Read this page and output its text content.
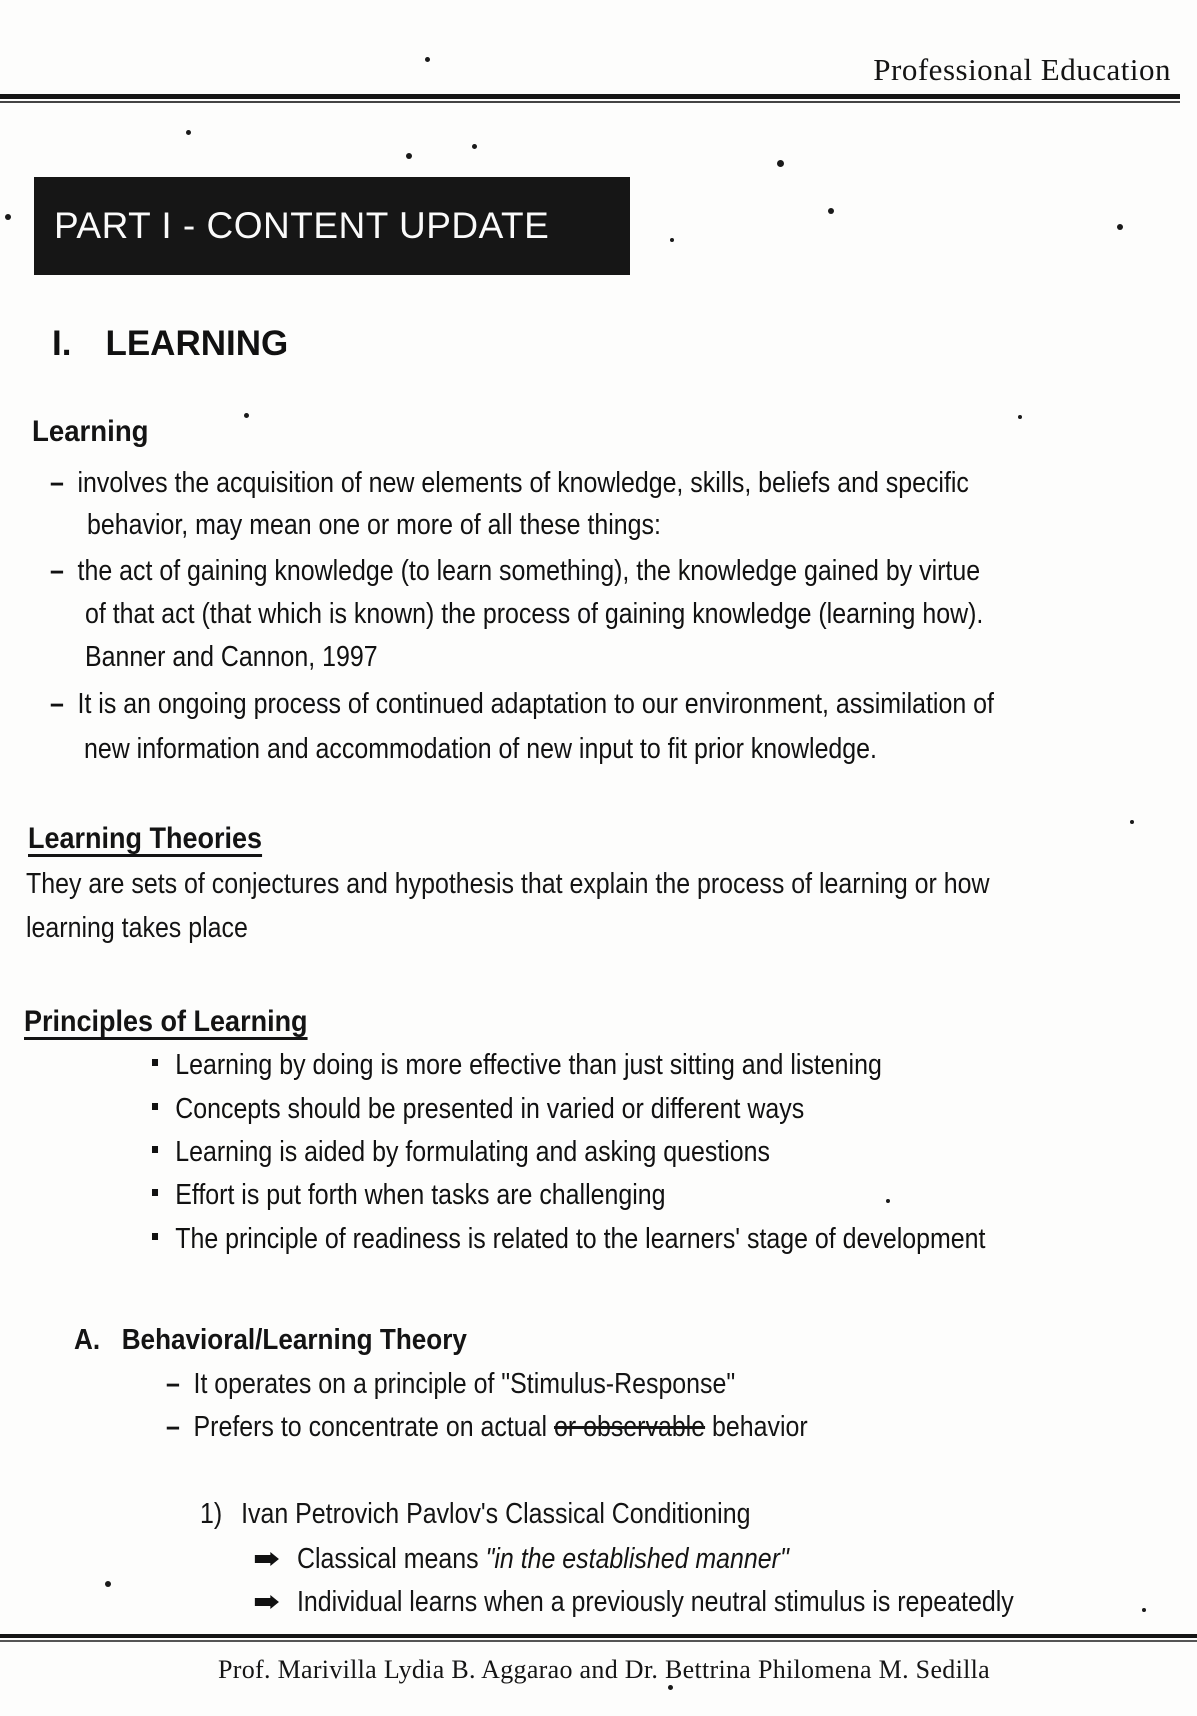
Professional Education
PART I - CONTENT UPDATE
I. LEARNING
Learning
– involves the acquisition of new elements of knowledge, skills, beliefs and specific
behavior, may mean one or more of all these things:
– the act of gaining knowledge (to learn something), the knowledge gained by virtue
of that act (that which is known) the process of gaining knowledge (learning how).
Banner and Cannon, 1997
– It is an ongoing process of continued adaptation to our environment, assimilation of
new information and accommodation of new input to fit prior knowledge.
Learning Theories
They are sets of conjectures and hypothesis that explain the process of learning or how
learning takes place
Principles of Learning
Learning by doing is more effective than just sitting and listening
Concepts should be presented in varied or different ways
Learning is aided by formulating and asking questions
Effort is put forth when tasks are challenging
The principle of readiness is related to the learners' stage of development
A. Behavioral/Learning Theory
– It operates on a principle of "Stimulus-Response"
– Prefers to concentrate on actual or observable behavior
1) Ivan Petrovich Pavlov's Classical Conditioning
Classical means "in the established manner"
Individual learns when a previously neutral stimulus is repeatedly
Prof. Marivilla Lydia B. Aggarao and Dr. Bettrina Philomena M. Sedilla
